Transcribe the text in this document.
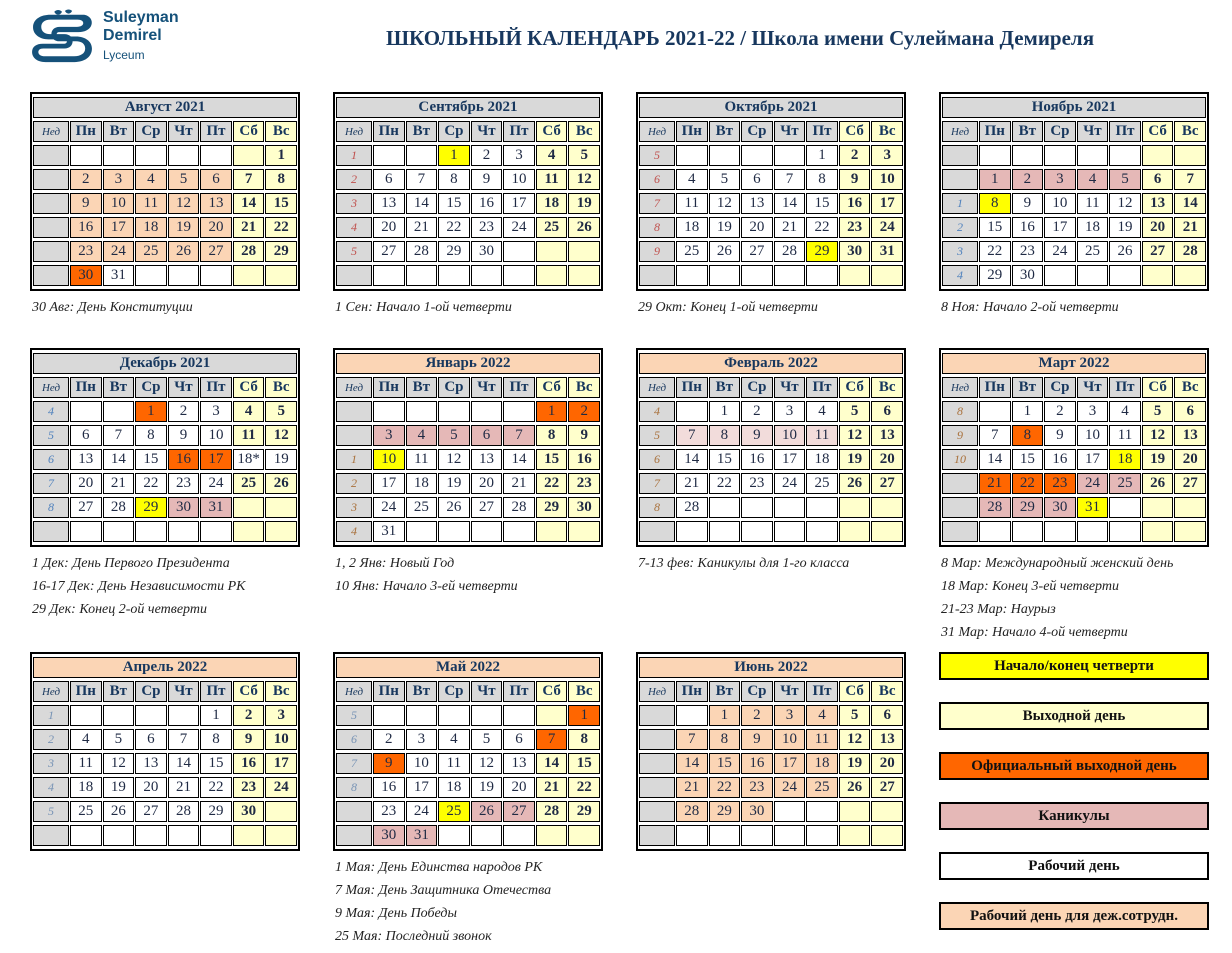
Suleyman
Demirel
Lyceum
ШКОЛЬНЫЙ КАЛЕНДАРЬ 2021-22 / Школа имени Сулеймана Демиреля
Начало/конец четверти
Выходной день
Официальный выходной день
Каникулы
Рабочий день
Рабочий день для деж.сотрудн.
Август 2021							
Нед	Пн	Вт	Ср	Чт	Пт	Сб	Вс
							1
	2	3	4	5	6	7	8
	9	10	11	12	13	14	15
	16	17	18	19	20	21	22
	23	24	25	26	27	28	29
	30	31					
30 Авг: День Конституции
Сентябрь 2021							
Нед	Пн	Вт	Ср	Чт	Пт	Сб	Вс
1			1	2	3	4	5
2	6	7	8	9	10	11	12
3	13	14	15	16	17	18	19
4	20	21	22	23	24	25	26
5	27	28	29	30			

1 Сен: Начало 1-ой четверти
Октябрь 2021							
Нед	Пн	Вт	Ср	Чт	Пт	Сб	Вс
5					1	2	3
6	4	5	6	7	8	9	10
7	11	12	13	14	15	16	17
8	18	19	20	21	22	23	24
9	25	26	27	28	29	30	31

29 Окт: Конец 1-ой четверти
Ноябрь 2021							
Нед	Пн	Вт	Ср	Чт	Пт	Сб	Вс

	1	2	3	4	5	6	7
1	8	9	10	11	12	13	14
2	15	16	17	18	19	20	21
3	22	23	24	25	26	27	28
4	29	30					
8 Ноя: Начало 2-ой четверти
Декабрь 2021							
Нед	Пн	Вт	Ср	Чт	Пт	Сб	Вс
4			1	2	3	4	5
5	6	7	8	9	10	11	12
6	13	14	15	16	17	18*	19
7	20	21	22	23	24	25	26
8	27	28	29	30	31		

1 Дек: День Первого Президента
16-17 Дек: День Независимости РК
29 Дек: Конец 2-ой четверти
Январь 2022							
Нед	Пн	Вт	Ср	Чт	Пт	Сб	Вс
						1	2
	3	4	5	6	7	8	9
1	10	11	12	13	14	15	16
2	17	18	19	20	21	22	23
3	24	25	26	27	28	29	30
4	31						
1, 2 Янв: Новый Год
10 Янв: Начало 3-ей четверти
Февраль 2022							
Нед	Пн	Вт	Ср	Чт	Пт	Сб	Вс
4		1	2	3	4	5	6
5	7	8	9	10	11	12	13
6	14	15	16	17	18	19	20
7	21	22	23	24	25	26	27
8	28						

7-13 фев: Каникулы для 1-го класса
Март 2022							
Нед	Пн	Вт	Ср	Чт	Пт	Сб	Вс
8		1	2	3	4	5	6
9	7	8	9	10	11	12	13
10	14	15	16	17	18	19	20
	21	22	23	24	25	26	27
	28	29	30	31			

8 Мар: Международный женский день
18 Мар: Конец 3-ей четверти
21-23 Мар: Наурыз
31 Мар: Начало 4-ой четверти
Апрель 2022							
Нед	Пн	Вт	Ср	Чт	Пт	Сб	Вс
1					1	2	3
2	4	5	6	7	8	9	10
3	11	12	13	14	15	16	17
4	18	19	20	21	22	23	24
5	25	26	27	28	29	30	

Май 2022							
Нед	Пн	Вт	Ср	Чт	Пт	Сб	Вс
5							1
6	2	3	4	5	6	7	8
7	9	10	11	12	13	14	15
8	16	17	18	19	20	21	22
	23	24	25	26	27	28	29
	30	31					
1 Мая: День Единства народов РК
7 Мая: День Защитника Отечества
9 Мая: День Победы
25 Мая: Последний звонок
Июнь 2022							
Нед	Пн	Вт	Ср	Чт	Пт	Сб	Вс
		1	2	3	4	5	6
	7	8	9	10	11	12	13
	14	15	16	17	18	19	20
	21	22	23	24	25	26	27
	28	29	30				
